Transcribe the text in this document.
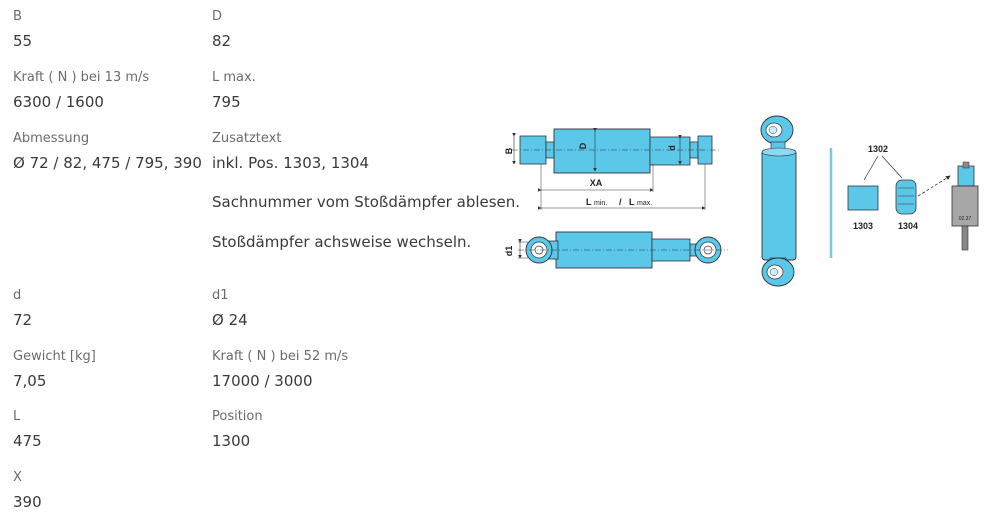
B
55
Kraft ( N ) bei 13 m/s
6300 / 1600
Abmessung
Ø 72 / 82, 475 / 795, 390
d
72
Gewicht [kg]
7,05
L
475
X
390
D
82
L max.
795
Zusatztext
inkl. Pos. 1303, 1304
Sachnummer vom Stoßdämpfer ablesen.
Stoßdämpfer achsweise wechseln.
d1
Ø 24
Kraft ( N ) bei 52 m/s
17000 / 3000
Position
1300
B
D	d
XA
L min. / L max.
d1
1302
1303	1304
02.37
